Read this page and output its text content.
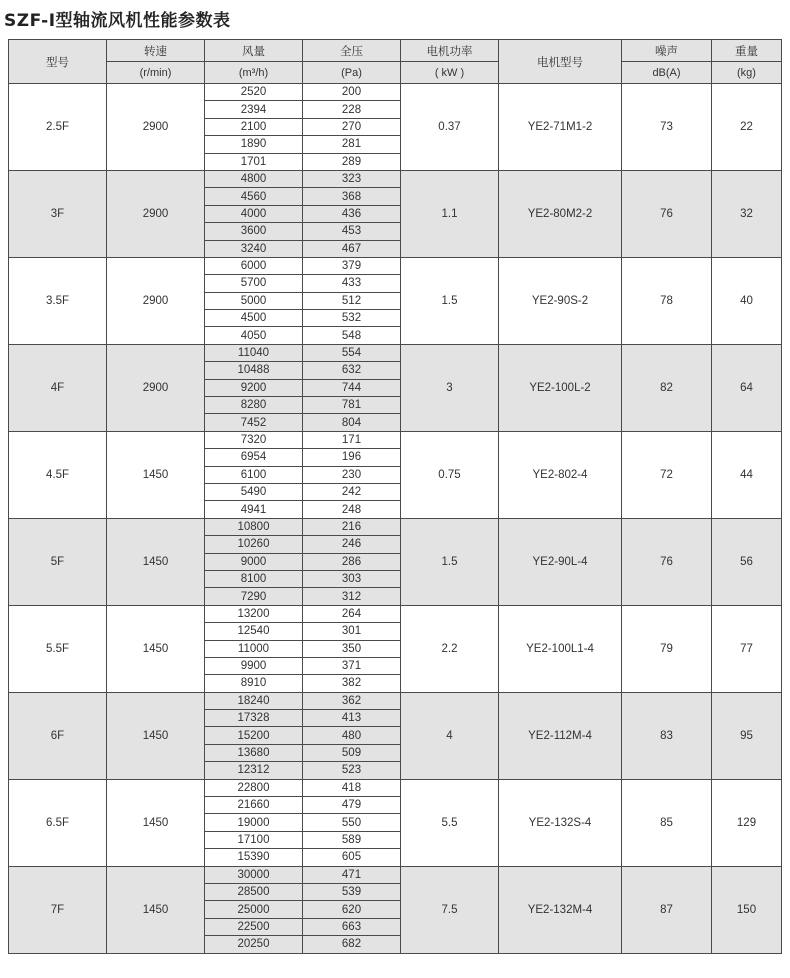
SZF-I型轴流风机性能参数表
型号	转速	风量	全压	电机功率	电机型号	噪声	重量
	(r/min)	(m³/h)	(Pa)	( kW )		dB(A)	(kg)
2.5F	2900	2520	200	0.37	YE2-71M1-2	73	22
		2394	228				
		2100	270				
		1890	281				
		1701	289				
3F	2900	4800	323	1.1	YE2-80M2-2	76	32
		4560	368				
		4000	436				
		3600	453				
		3240	467				
3.5F	2900	6000	379	1.5	YE2-90S-2	78	40
		5700	433				
		5000	512				
		4500	532				
		4050	548				
4F	2900	11040	554	3	YE2-100L-2	82	64
		10488	632				
		9200	744				
		8280	781				
		7452	804				
4.5F	1450	7320	171	0.75	YE2-802-4	72	44
		6954	196				
		6100	230				
		5490	242				
		4941	248				
5F	1450	10800	216	1.5	YE2-90L-4	76	56
		10260	246				
		9000	286				
		8100	303				
		7290	312				
5.5F	1450	13200	264	2.2	YE2-100L1-4	79	77
		12540	301				
		11000	350				
		9900	371				
		8910	382				
6F	1450	18240	362	4	YE2-112M-4	83	95
		17328	413				
		15200	480				
		13680	509				
		12312	523				
6.5F	1450	22800	418	5.5	YE2-132S-4	85	129
		21660	479				
		19000	550				
		17100	589				
		15390	605				
7F	1450	30000	471	7.5	YE2-132M-4	87	150
		28500	539				
		25000	620				
		22500	663				
		20250	682				
